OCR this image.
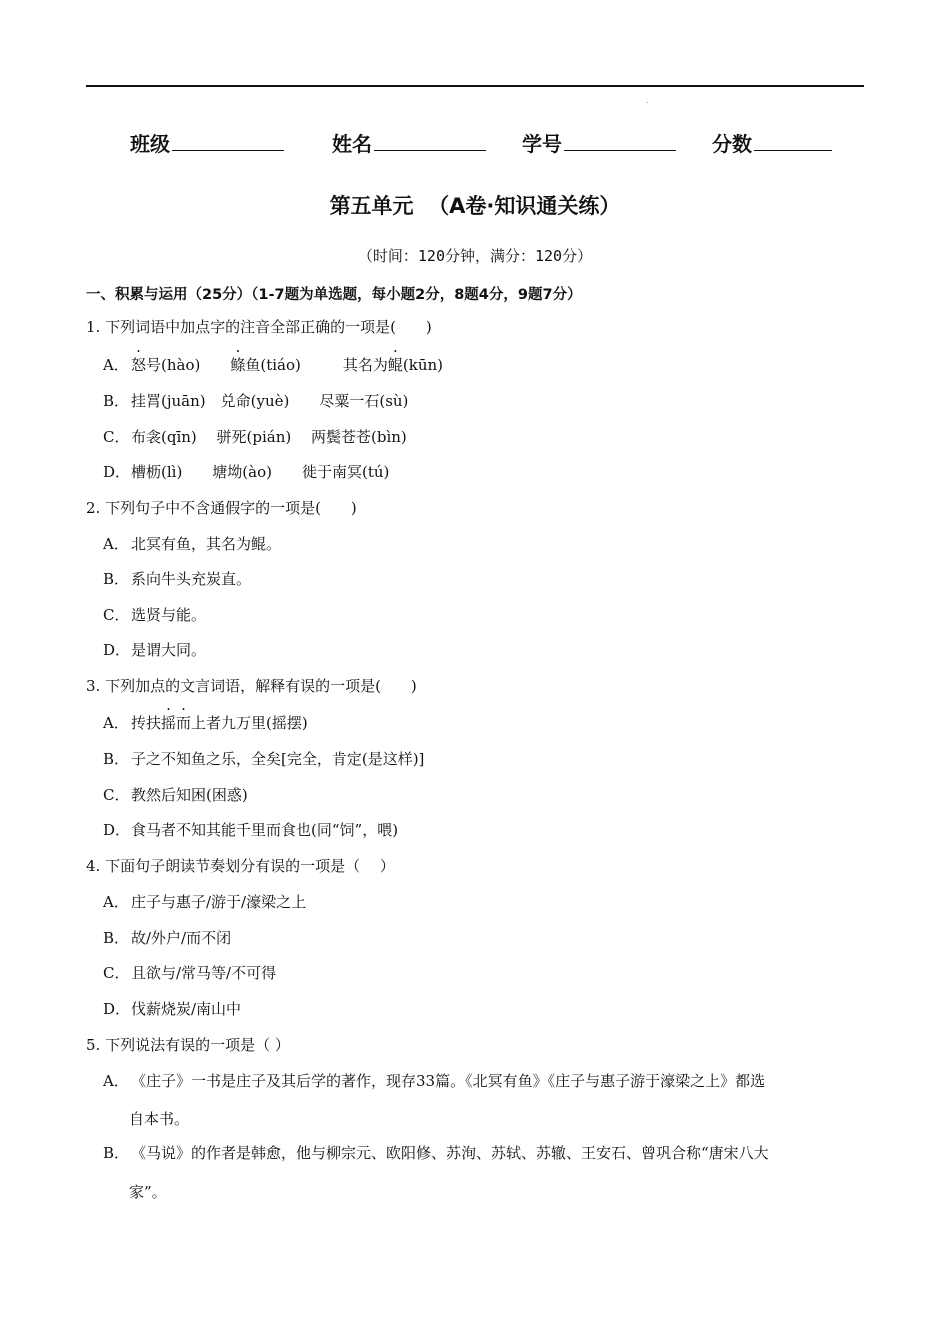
.
班级	姓名	学号	分数
第五单元  （A卷·知识通关练）
（时间：120分钟，满分：120分）
一、积累与运用（25分）（1-7题为单选题，每小题2分，8题4分，9题7分）
1. 下列词语中加点字的注音全部正确的一项是(　　)
A． 怒号(hào) 鲦鱼(tiáo)	其名为鲲(kūn)
B． 挂罥(juān)　兑命(yuè)　　尽粟一石(sù)
C． 布衾(qīn)　 骈死(pián)　 两鬓苍苍(bìn)
D．槽枥(lì)　　塘坳(ào)　　徙于南冥(tú)
2. 下列句子中不含通假字的一项是(　　)
A． 北冥有鱼，其名为鲲。
B． 系向牛头充炭直。
C． 选贤与能。
D．是谓大同。
3. 下列加点的文言词语，解释有误的一项是(　　)
A． 抟扶摇而上者九万里(摇摆)
B． 子之不知鱼之乐，全矣[完全，肯定(是这样)]
C． 教然后知困(困惑)
D．食马者不知其能千里而食也(同“饲”，喂)
4. 下面句子朗读节奏划分有误的一项是（　 ）
A． 庄子与惠子/游于/濠梁之上
B． 故/外户/而不闭
C． 且欲与/常马等/不可得
D．伐薪烧炭/南山中
5. 下列说法有误的一项是（ ）
A． 《庄子》一书是庄子及其后学的著作，现存33篇。《北冥有鱼》《庄子与惠子游于濠梁之上》都选
自本书。
B． 《马说》的作者是韩愈，他与柳宗元、欧阳修、苏洵、苏轼、苏辙、王安石、曾巩合称“唐宋八大
家”。
